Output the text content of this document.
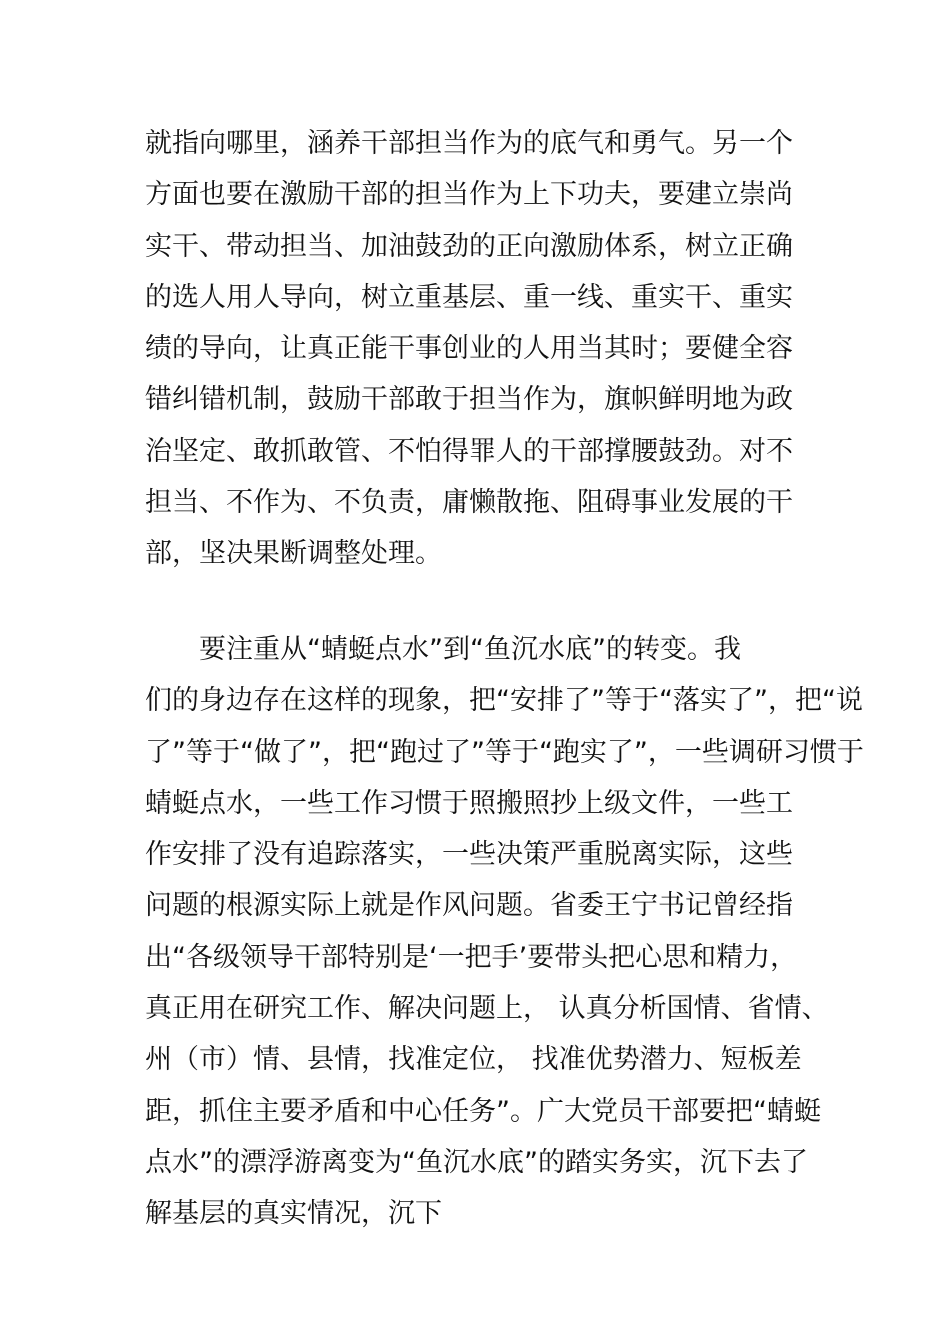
就指向哪里，涵养干部担当作为的底气和勇气。另一个
方面也要在激励干部的担当作为上下功夫，要建立崇尚
实干、带动担当、加油鼓劲的正向激励体系，树立正确
的选人用人导向，树立重基层、重一线、重实干、重实
绩的导向，让真正能干事创业的人用当其时；要健全容
错纠错机制，鼓励干部敢于担当作为，旗帜鲜明地为政
治坚定、敢抓敢管、不怕得罪人的干部撑腰鼓劲。对不
担当、不作为、不负责，庸懒散拖、阻碍事业发展的干
部，坚决果断调整处理。
　　要注重从“蜻蜓点水”到“鱼沉水底”的转变。我
们的身边存在这样的现象，把“安排了”等于“落实了”，把“说
了”等于“做了”，把“跑过了”等于“跑实了”，一些调研习惯于
蜻蜓点水，一些工作习惯于照搬照抄上级文件，一些工
作安排了没有追踪落实，一些决策严重脱离实际，这些
问题的根源实际上就是作风问题。省委王宁书记曾经指
出“各级领导干部特别是‘一把手’要带头把心思和精力，
真正用在研究工作、解决问题上， 认真分析国情、省情、
州（市）情、县情，找准定位， 找准优势潜力、短板差
距，抓住主要矛盾和中心任务”。广大党员干部要把“蜻蜓
点水”的漂浮游离变为“鱼沉水底”的踏实务实，沉下去了
解基层的真实情况，沉下
